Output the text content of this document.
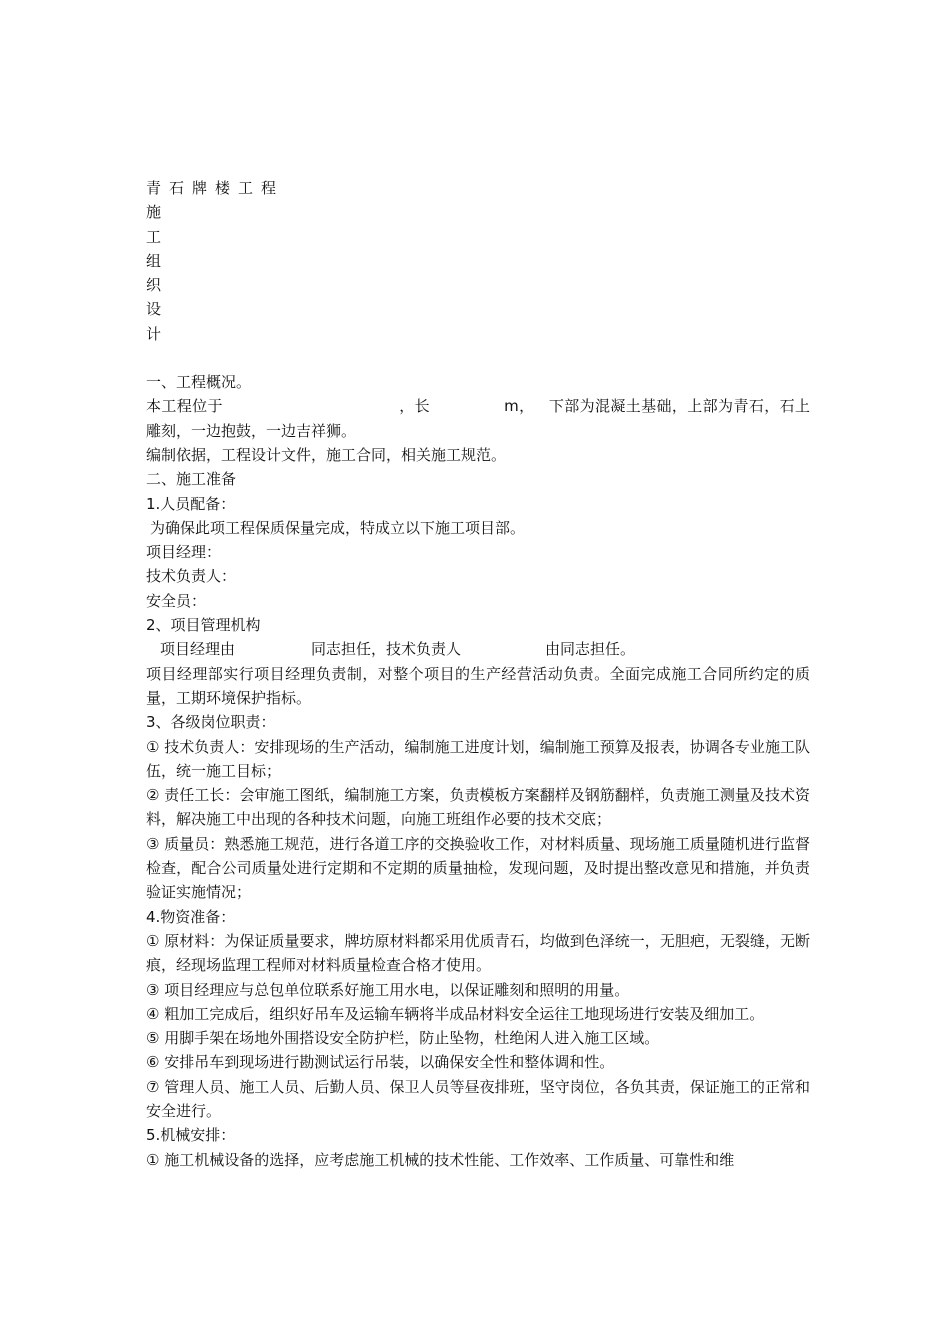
青石牌楼工程
施
工
组
织
设
计

一、工程概况。

本工程位于	，长	m， 下部为混凝土基础，上部为青石，石上雕刻，一边抱鼓，一边吉祥狮。

编制依据，工程设计文件，施工合同，相关施工规范。

二、施工准备

1.人员配备：

为确保此项工程保质保量完成，特成立以下施工项目部。

项目经理：

技术负责人：

安全员：

2、项目管理机构

项目经理由	同志担任，技术负责人	由同志担任。

项目经理部实行项目经理负责制，对整个项目的生产经营活动负责。全面完成施工合同所约定的质量，工期环境保护指标。

3、各级岗位职责：

① 技术负责人：安排现场的生产活动，编制施工进度计划，编制施工预算及报表，协调各专业施工队伍，统一施工目标；

② 责任工长：会审施工图纸，编制施工方案，负责模板方案翻样及钢筋翻样，负责施工测量及技术资料，解决施工中出现的各种技术问题，向施工班组作必要的技术交底；

③ 质量员：熟悉施工规范，进行各道工序的交换验收工作，对材料质量、现场施工质量随机进行监督检查，配合公司质量处进行定期和不定期的质量抽检，发现问题，及时提出整改意见和措施，并负责验证实施情况；

4.物资准备：

① 原材料：为保证质量要求，牌坊原材料都采用优质青石，均做到色泽统一，无胆疤，无裂缝，无断痕，经现场监理工程师对材料质量检查合格才使用。

③ 项目经理应与总包单位联系好施工用水电，以保证雕刻和照明的用量。

④ 粗加工完成后，组织好吊车及运输车辆将半成品材料安全运往工地现场进行安装及细加工。

⑤ 用脚手架在场地外围搭设安全防护栏，防止坠物，杜绝闲人进入施工区域。

⑥ 安排吊车到现场进行勘测试运行吊装，以确保安全性和整体调和性。

⑦ 管理人员、施工人员、后勤人员、保卫人员等昼夜排班，坚守岗位，各负其责，保证施工的正常和安全进行。

5.机械安排：

① 施工机械设备的选择，应考虑施工机械的技术性能、工作效率、工作质量、可靠性和维
